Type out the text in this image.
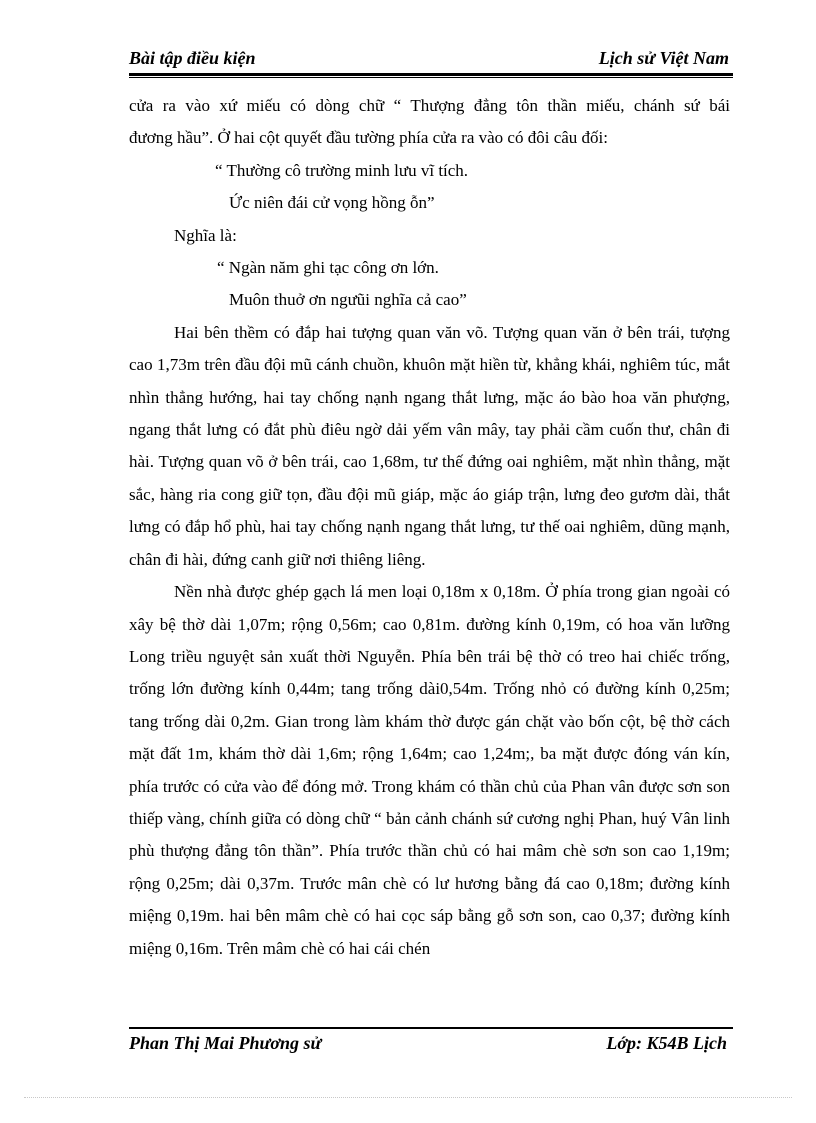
Bài tập điều kiện	Lịch sử Việt Nam

cửa ra vào xứ miếu có dòng chữ “ Thượng đẳng tôn thần miếu, chánh sứ bái

đương hầu”. Ở hai cột quyết đầu tường phía cửa ra vào có đôi câu đối:

“ Thường cô trường minh lưu vĩ tích.

Ức niên đái cử vọng hồng ỗn”

Nghĩa là:

“ Ngàn năm ghi tạc công ơn lớn.

Muôn thuở ơn ngưũi nghĩa cả cao”

Hai bên thềm có đắp hai tượng quan văn võ. Tượng quan văn ở bên trái, tượng cao 1,73m trên đầu đội mũ cánh chuồn, khuôn mặt hiền từ, khẳng khái, nghiêm túc, mắt nhìn thẳng hướng, hai tay chống nạnh ngang thắt lưng, mặc áo bào hoa văn phượng, ngang thắt lưng có đắt phù điêu ngờ dải yếm vân mây, tay phải cầm cuốn thư, chân đi hài. Tượng quan võ ở bên trái, cao 1,68m, tư thế đứng oai nghiêm, mặt nhìn thẳng, mặt sắc, hàng ria cong giữ tọn, đầu đội mũ giáp, mặc áo giáp trận, lưng đeo gươm dài, thắt lưng có đắp hổ phù, hai tay chống nạnh ngang thắt lưng, tư thế oai nghiêm, dũng mạnh, chân đi hài, đứng canh giữ nơi thiêng liêng.

Nền nhà được ghép gạch lá men loại 0,18m x 0,18m. Ở phía trong gian ngoài có xây bệ thờ dài 1,07m; rộng 0,56m; cao 0,81m. đường kính 0,19m, có hoa văn lưỡng Long triều nguyệt sản xuất thời Nguyễn. Phía bên trái bệ thờ có treo hai chiếc trống, trống lớn đường kính 0,44m; tang trống dài0,54m. Trống nhỏ có đường kính 0,25m; tang trống dài 0,2m. Gian trong làm khám thờ được gán chặt vào bốn cột, bệ thờ cách mặt đất 1m, khám thờ dài 1,6m; rộng 1,64m; cao 1,24m;, ba mặt được đóng ván kín, phía trước có cửa vào để đóng mở. Trong khám có thần chủ của Phan vân được sơn son thiếp vàng, chính giữa có dòng chữ “ bản cảnh chánh sứ cương nghị Phan, huý Vân linh phù thượng đẳng tôn thần”. Phía trước thần chủ có hai mâm chè sơn son cao 1,19m; rộng 0,25m; dài 0,37m. Trước mân chè có lư hương bằng đá cao 0,18m; đường kính miệng 0,19m. hai bên mâm chè có hai cọc sáp bằng gỗ sơn son, cao 0,37; đường kính miệng 0,16m. Trên mâm chè có hai cái chén

Phan Thị Mai Phương sử	Lớp: K54B Lịch
